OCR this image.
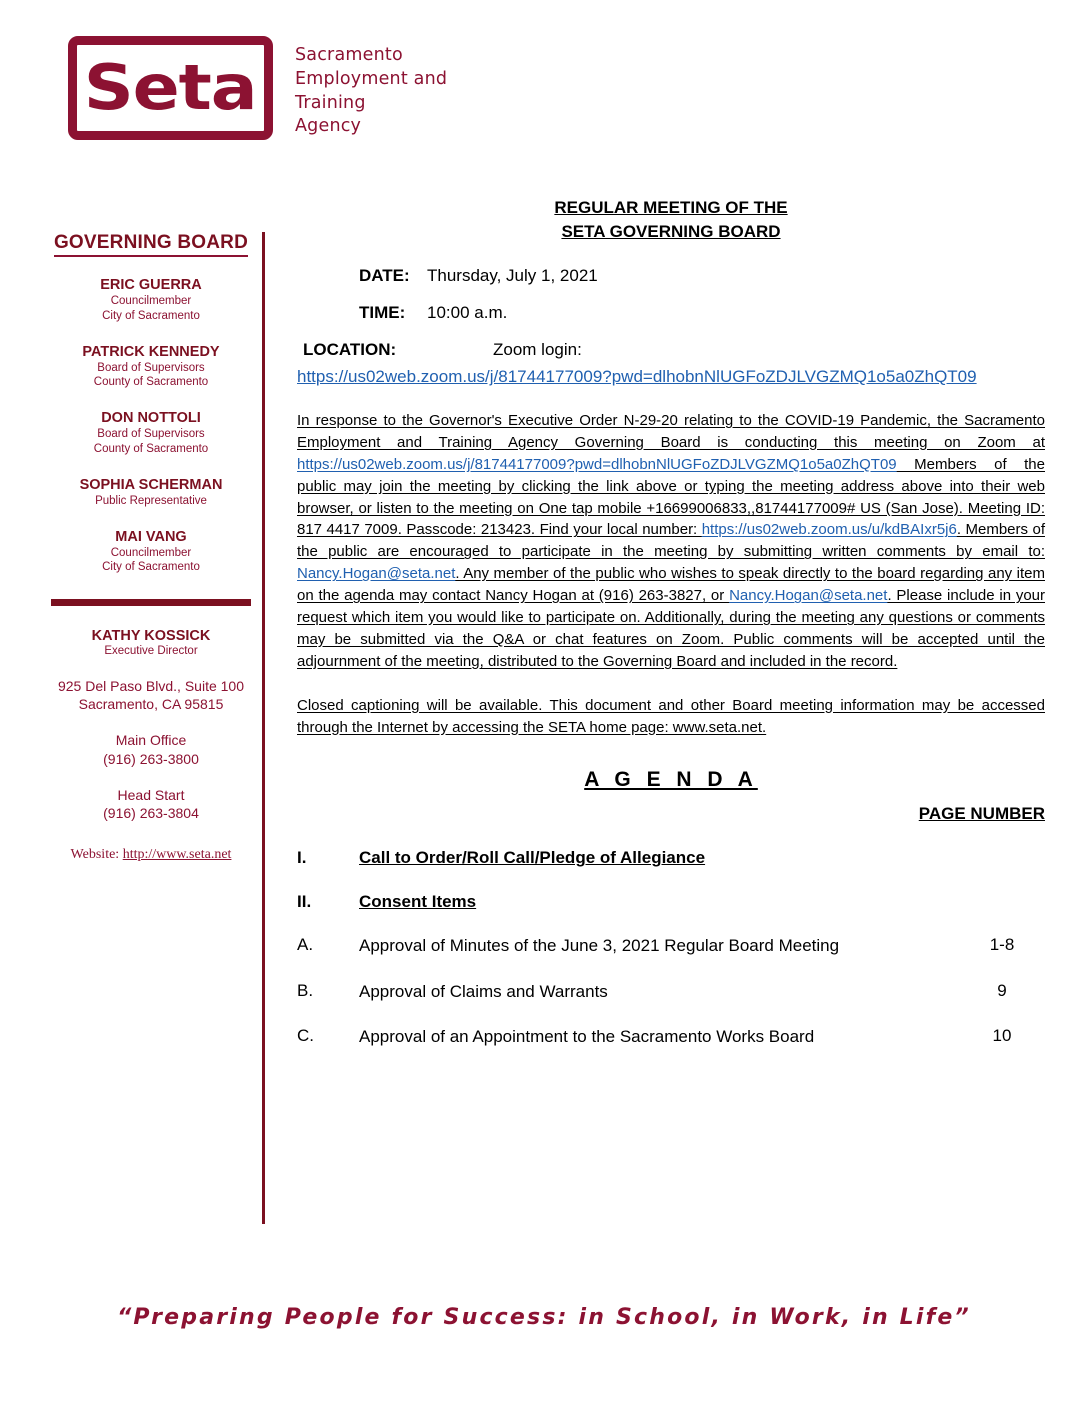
Seta Sacramento
Employment and
Training
Agency
GOVERNING BOARD
ERIC GUERRA
Councilmember
City of Sacramento
PATRICK KENNEDY
Board of Supervisors
County of Sacramento
DON NOTTOLI
Board of Supervisors
County of Sacramento
SOPHIA SCHERMAN
Public Representative
MAI VANG
Councilmember
City of Sacramento
KATHY KOSSICK
Executive Director
925 Del Paso Blvd., Suite 100
Sacramento, CA 95815
Main Office
(916) 263-3800
Head Start
(916) 263-3804
Website: http://www.seta.net
REGULAR MEETING OF THE
SETA GOVERNING BOARD
DATE:	Thursday, July 1, 2021
TIME:	10:00 a.m.
LOCATION:	Zoom login:
https://us02web.zoom.us/j/81744177009?pwd=dlhobnNlUGFoZDJLVGZMQ1o5a0ZhQT09
In response to the Governor's Executive Order N-29-20 relating to the COVID-19 Pandemic, the Sacramento Employment and Training Agency Governing Board is conducting this meeting on Zoom at https://us02web.zoom.us/j/81744177009?pwd=dlhobnNlUGFoZDJLVGZMQ1o5a0ZhQT09 Members of the public may join the meeting by clicking the link above or typing the meeting address above into their web browser, or listen to the meeting on One tap mobile +16699006833,,81744177009# US (San Jose). Meeting ID: 817 4417 7009. Passcode: 213423. Find your local number: https://us02web.zoom.us/u/kdBAIxr5j6. Members of the public are encouraged to participate in the meeting by submitting written comments by email to: Nancy.Hogan@seta.net. Any member of the public who wishes to speak directly to the board regarding any item on the agenda may contact Nancy Hogan at (916) 263-3827, or Nancy.Hogan@seta.net. Please include in your request which item you would like to participate on. Additionally, during the meeting any questions or comments may be submitted via the Q&A or chat features on Zoom. Public comments will be accepted until the adjournment of the meeting, distributed to the Governing Board and included in the record.
Closed captioning will be available. This document and other Board meeting information may be accessed through the Internet by accessing the SETA home page: www.seta.net.
A G E N D A
PAGE NUMBER
I.	Call to Order/Roll Call/Pledge of Allegiance
II.	Consent Items
A.	Approval of Minutes of the June 3, 2021 Regular Board Meeting	1-8
B.	Approval of Claims and Warrants	9
C.	Approval of an Appointment to the Sacramento Works Board	10
“Preparing People for Success: in School, in Work, in Life”
